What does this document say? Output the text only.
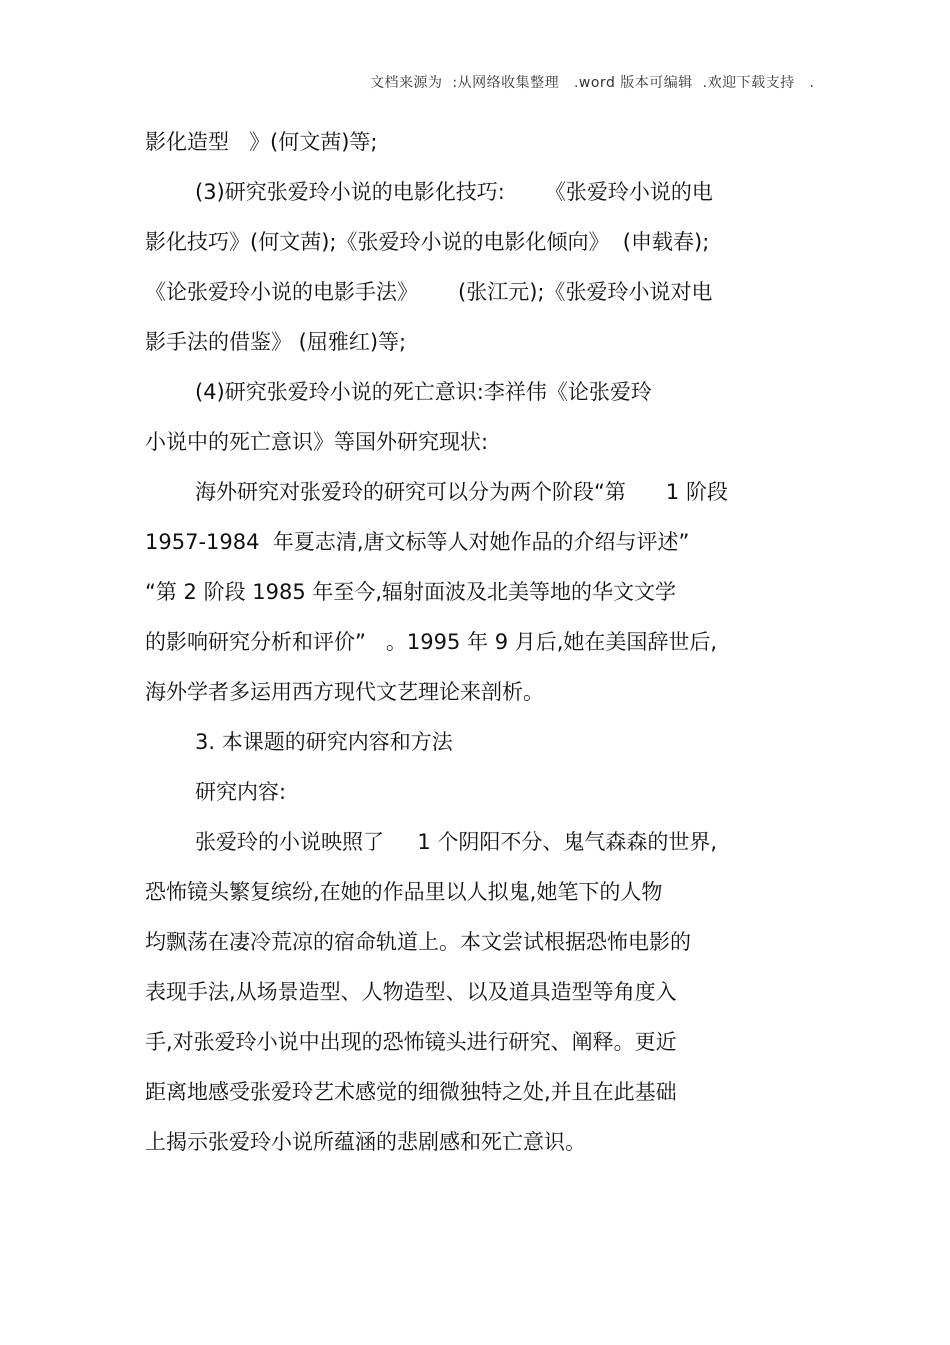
文档来源为  :从网络收集整理   .word 版本可编辑  .欢迎下载支持   .
影化造型   》(何文茜)等;
(3)研究张爱玲小说的电影化技巧:      《张爱玲小说的电
影化技巧》(何文茜);《张爱玲小说的电影化倾向》  (申载春);
《论张爱玲小说的电影手法》      (张江元);《张爱玲小说对电
影手法的借鉴》 (屈雅红)等;
(4)研究张爱玲小说的死亡意识:李祥伟《论张爱玲
小说中的死亡意识》等国外研究现状:
海外研究对张爱玲的研究可以分为两个阶段“第      1 阶段
1957-1984  年夏志清,唐文标等人对她作品的介绍与评述”
“第 2 阶段 1985 年至今,辐射面波及北美等地的华文文学
的影响研究分析和评价”   。1995 年 9 月后,她在美国辞世后,
海外学者多运用西方现代文艺理论来剖析。
3. 本课题的研究内容和方法
研究内容:
张爱玲的小说映照了     1 个阴阳不分、鬼气森森的世界,
恐怖镜头繁复缤纷,在她的作品里以人拟鬼,她笔下的人物
均飘荡在凄冷荒凉的宿命轨道上。本文尝试根据恐怖电影的
表现手法,从场景造型、人物造型、以及道具造型等角度入
手,对张爱玲小说中出现的恐怖镜头进行研究、阐释。更近
距离地感受张爱玲艺术感觉的细微独特之处,并且在此基础
上揭示张爱玲小说所蕴涵的悲剧感和死亡意识。
